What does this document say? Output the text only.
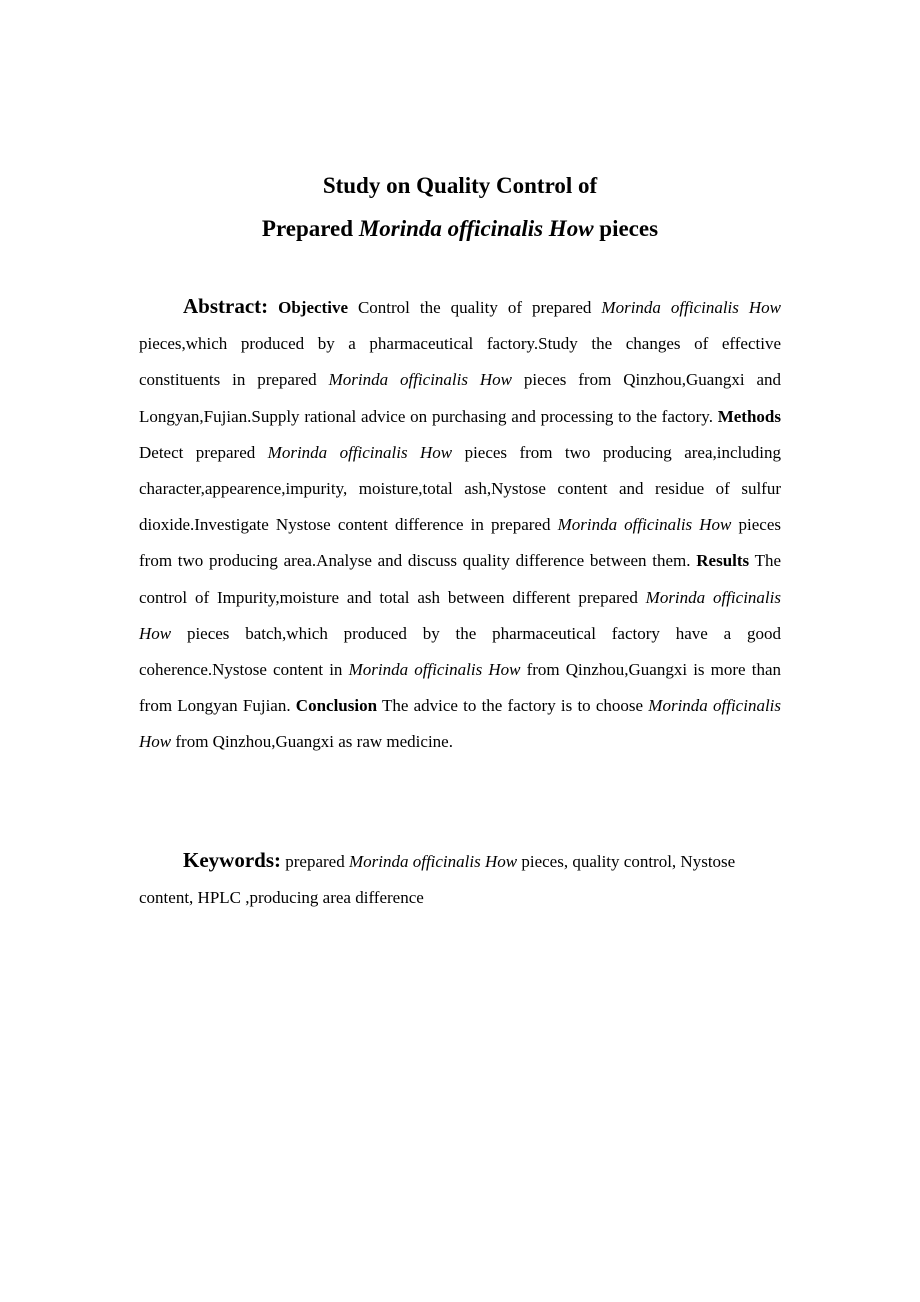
Study on Quality Control of
Prepared Morinda officinalis How pieces

Abstract: Objective Control the quality of prepared Morinda officinalis How pieces,which produced by a pharmaceutical factory.Study the changes of effective constituents in prepared Morinda officinalis How pieces from Qinzhou,Guangxi and Longyan,Fujian.Supply rational advice on purchasing and processing to the factory. Methods Detect prepared Morinda officinalis How pieces from two producing area,including character,appearence,impurity, moisture,total ash,Nystose content and residue of sulfur dioxide.Investigate Nystose content difference in prepared Morinda officinalis How pieces from two producing area.Analyse and discuss quality difference between them. Results The control of Impurity,moisture and total ash between different prepared Morinda officinalis How pieces batch,which produced by the pharmaceutical factory have a good coherence.Nystose content in Morinda officinalis How from Qinzhou,Guangxi is more than from Longyan Fujian. Conclusion The advice to the factory is to choose Morinda officinalis How from Qinzhou,Guangxi as raw medicine.

Keywords: prepared Morinda officinalis How pieces, quality control, Nystose content, HPLC ,producing area difference
